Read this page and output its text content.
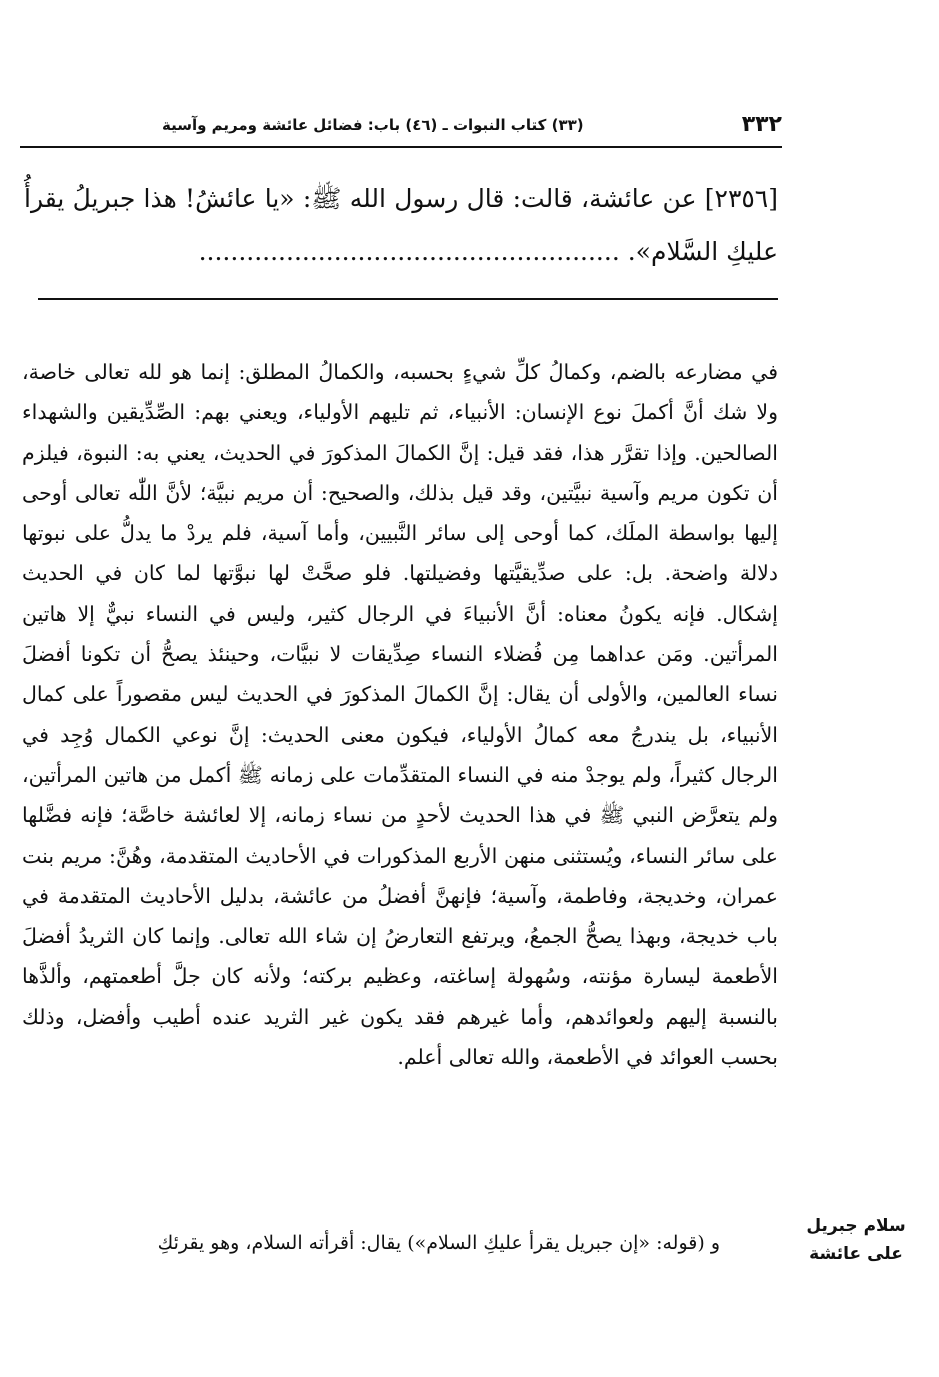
٣٣٢
(٣٣) كتاب النبوات ـ (٤٦) باب: فضائل عائشة ومريم وآسية
[٢٣٥٦] عن عائشة، قالت: قال رسول الله ﷺ: «يا عائشُ! هذا جبريلُ يقرأُ عليكِ السَّلام». .....................................................

في مضارعه بالضم، وكمالُ كلِّ شيءٍ بحسبه، والكمالُ المطلق: إنما هو لله تعالى خاصة، ولا شك أنَّ أكملَ نوع الإنسان: الأنبياء، ثم تليهم الأولياء، ويعني بهم: الصِّدِّيقين والشهداء الصالحين. وإذا تقرَّر هذا، فقد قيل: إنَّ الكمالَ المذكورَ في الحديث، يعني به: النبوة، فيلزم أن تكون مريم وآسية نبيَّتين، وقد قيل بذلك، والصحيح: أن مريم نبيَّة؛ لأنَّ اللّٰه تعالى أوحى إليها بواسطة الملَك، كما أوحى إلى سائر النَّبيين، وأما آسية، فلم يردْ ما يدلُّ على نبوتها دلالة واضحة. بل: على صدِّيقيَّتها وفضيلتها. فلو صحَّتْ لها نبوَّتها لما كان في الحديث إشكال. فإنه يكونُ معناه: أنَّ الأنبياءَ في الرجال كثير، وليس في النساء نبيٌّ إلا هاتين المرأتين. ومَن عداهما مِن فُضلاء النساء صِدِّيقات لا نبيَّات، وحينئذ يصحُّ أن تكونا أفضلَ نساء العالمين، والأولى أن يقال: إنَّ الكمالَ المذكورَ في الحديث ليس مقصوراً على كمال الأنبياء، بل يندرجُ معه كمالُ الأولياء، فيكون معنى الحديث: إنَّ نوعي الكمال وُجِد في الرجال كثيراً، ولم يوجدْ منه في النساء المتقدِّمات على زمانه ﷺ أكمل من هاتين المرأتين، ولم يتعرَّض النبي ﷺ في هذا الحديث لأحدٍ من نساء زمانه، إلا لعائشة خاصَّة؛ فإنه فضَّلها على سائر النساء، ويُستثنى منهن الأربع المذكورات في الأحاديث المتقدمة، وهُنَّ: مريم بنت عمران، وخديجة، وفاطمة، وآسية؛ فإنهنَّ أفضلُ من عائشة، بدليل الأحاديث المتقدمة في باب خديجة، وبهذا يصحُّ الجمعُ، ويرتفع التعارضُ إن شاء الله تعالى. وإنما كان الثريدُ أفضلَ الأطعمة ليسارة مؤنته، وسُهولة إساغته، وعظيم بركته؛ ولأنه كان جلَّ أطعمتهم، وألذَّها بالنسبة إليهم ولعوائدهم، وأما غيرهم فقد يكون غير الثريد عنده أطيب وأفضل، وذلك بحسب العوائد في الأطعمة، والله تعالى أعلم.

و (قوله: «إن جبريل يقرأ عليكِ السلام») يقال: أقرأته السلام، وهو يقرئكِ
سلام جبريل
على عائشة
